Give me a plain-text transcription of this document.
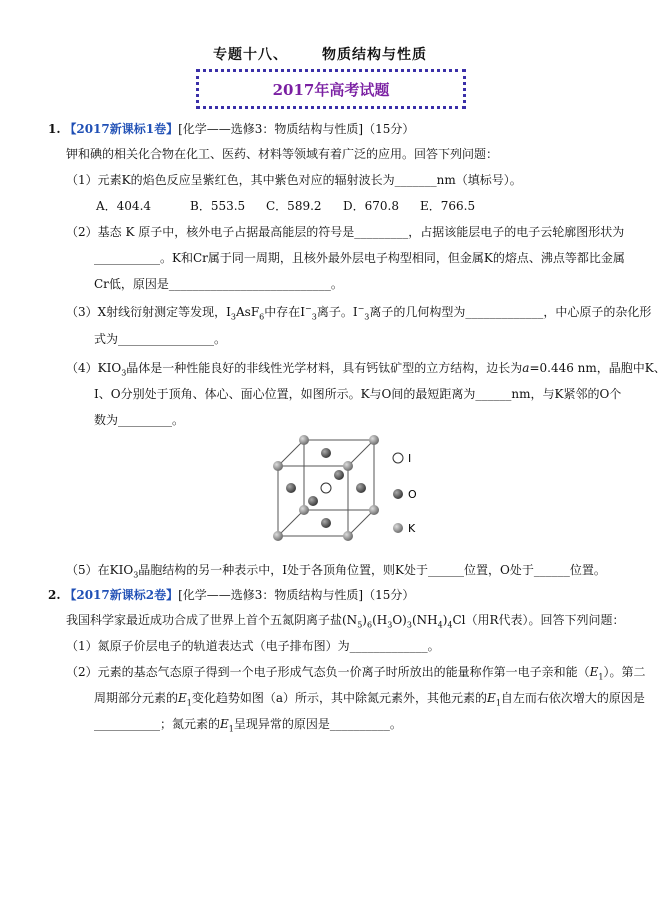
专题十八、 物质结构与性质
2017年高考试题
1. 【2017新课标1卷】[化学——选修3：物质结构与性质]（15分）
钾和碘的相关化合物在化工、医药、材料等领域有着广泛的应用。回答下列问题：
（1）元素K的焰色反应呈紫红色，其中紫色对应的辐射波长为_______nm（填标号）。
A．404.4	B．553.5 C．589.2 D．670.8 E．766.5
（2）基态 K 原子中，核外电子占据最高能层的符号是_________，占据该能层电子的电子云轮廓图形状为
___________。K和Cr属于同一周期，且核外最外层电子构型相同，但金属K的熔点、沸点等都比金属
Cr低，原因是___________________________。
（3）X射线衍射测定等发现，$I_3AsF_6$中存在$I^-_3$离子。$I^-_3$离子的几何构型为_____________，中心原子的杂化形
式为________________。
$(4)KIO_3$晶体是一种性能良好的非线性光学材料，具有钙钛矿型的立方结构，边长为a=0.446 nm，晶胞中K、
I、O分别处于顶角、体心、面心位置，如图所示。K与O间的最短距离为______nm，与K紧邻的O个
数为_________。
I
O
K
（5）在$KIO_3$晶胞结构的另一种表示中，I处于各顶角位置，则K处于______位置，O处于______位置。
2. 【2017新课标2卷】[化学——选修3：物质结构与性质]（15分）
我国科学家最近成功合成了世界上首个五氮阴离子盐$(N_5)_6(H_3O)_3(NH_4)_4Cl$（用R代表）。回答下列问题：
（1）氮原子价层电子的轨道表达式（电子排布图）为_____________。
（2）元素的基态气态原子得到一个电子形成气态负一价离子时所放出的能量称作第一电子亲和能$(E_1)$。第二
周期部分元素的$E_1$变化趋势如图（a）所示，其中除氮元素外，其他元素的$E_1$自左而右依次增大的原因是
___________；氮元素的$E_1$呈现异常的原因是__________。
